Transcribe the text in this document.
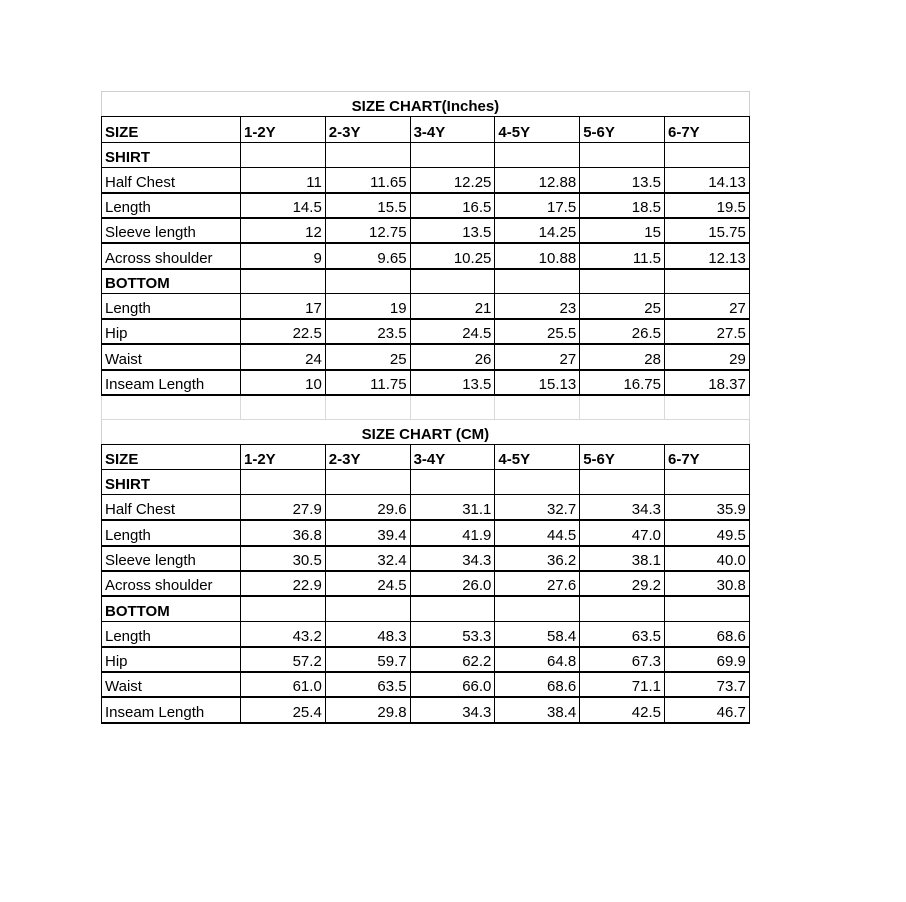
SIZE CHART(Inches)						
SIZE	1-2Y	2-3Y	3-4Y	4-5Y	5-6Y	6-7Y
SHIRT						
Half Chest	11	11.65	12.25	12.88	13.5	14.13
Length	14.5	15.5	16.5	17.5	18.5	19.5
Sleeve length	12	12.75	13.5	14.25	15	15.75
Across shoulder	9	9.65	10.25	10.88	11.5	12.13
BOTTOM						
Length	17	19	21	23	25	27
Hip	22.5	23.5	24.5	25.5	26.5	27.5
Waist	24	25	26	27	28	29
Inseam Length	10	11.75	13.5	15.13	16.75	18.37

SIZE CHART (CM)						
SIZE	1-2Y	2-3Y	3-4Y	4-5Y	5-6Y	6-7Y
SHIRT						
Half Chest	27.9	29.6	31.1	32.7	34.3	35.9
Length	36.8	39.4	41.9	44.5	47.0	49.5
Sleeve length	30.5	32.4	34.3	36.2	38.1	40.0
Across shoulder	22.9	24.5	26.0	27.6	29.2	30.8
BOTTOM						
Length	43.2	48.3	53.3	58.4	63.5	68.6
Hip	57.2	59.7	62.2	64.8	67.3	69.9
Waist	61.0	63.5	66.0	68.6	71.1	73.7
Inseam Length	25.4	29.8	34.3	38.4	42.5	46.7
